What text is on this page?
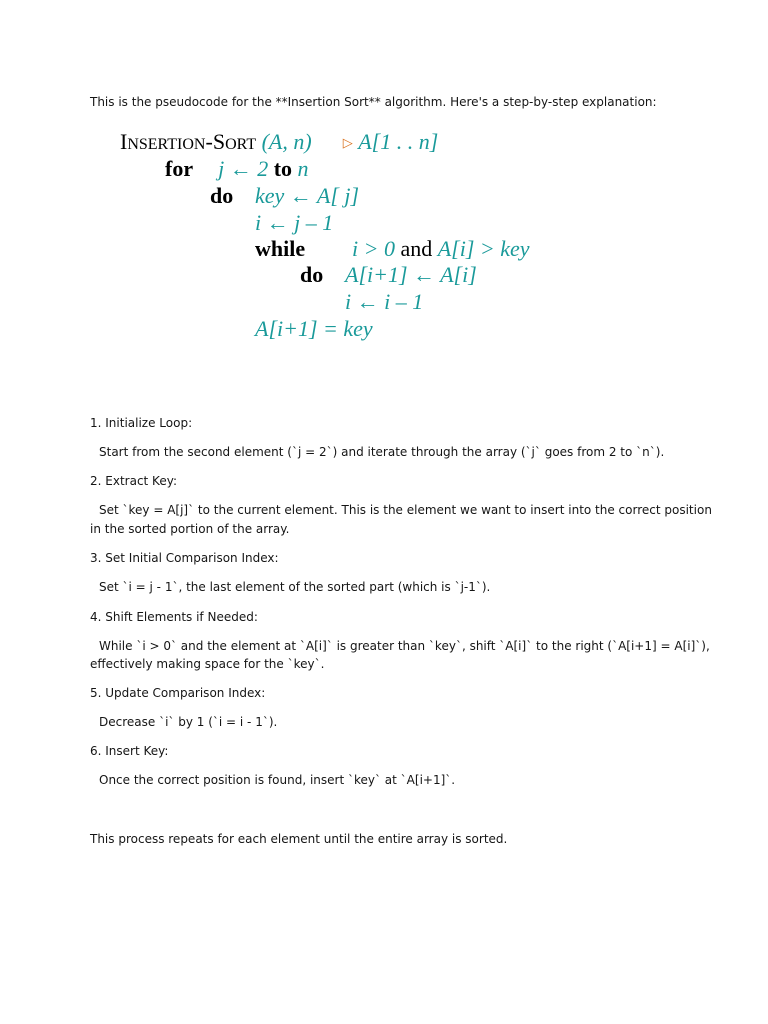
This is the pseudocode for the **Insertion Sort** algorithm. Here's a step-by-step explanation:
INSERTION-SORT (A, n) ▷ A[1 . . n]
for j ← 2 to n
do key ← A[ j]
i ← j – 1
while i > 0 and A[i] > key
do A[i+1] ← A[i]
i ← i – 1
A[i+1] = key
1. Initialize Loop:
Start from the second element (`j = 2`) and iterate through the array (`j` goes from 2 to `n`).
2. Extract Key:
Set `key = A[j]` to the current element. This is the element we want to insert into the correct position
in the sorted portion of the array.
3. Set Initial Comparison Index:
Set `i = j - 1`, the last element of the sorted part (which is `j-1`).
4. Shift Elements if Needed:
While `i > 0` and the element at `A[i]` is greater than `key`, shift `A[i]` to the right (`A[i+1] = A[i]`),
effectively making space for the `key`.
5. Update Comparison Index:
Decrease `i` by 1 (`i = i - 1`).
6. Insert Key:
Once the correct position is found, insert `key` at `A[i+1]`.
This process repeats for each element until the entire array is sorted.
